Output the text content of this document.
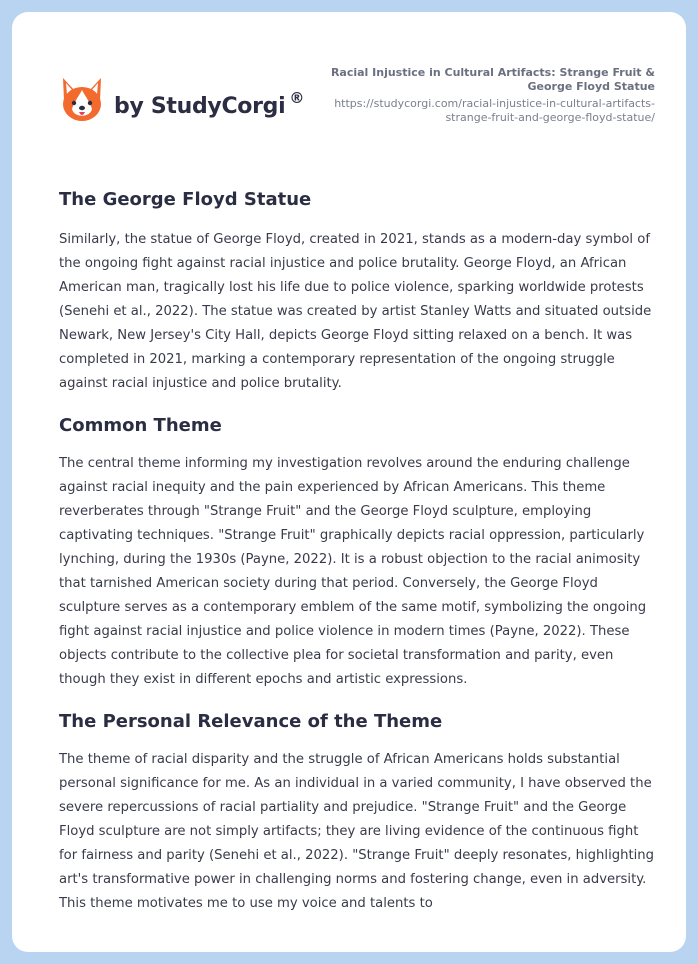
by StudyCorgi ®
Racial Injustice in Cultural Artifacts: Strange Fruit & George Floyd Statue
https://studycorgi.com/racial-injustice-in-cultural-artifacts-strange-fruit-and-george-floyd-statue/
The George Floyd Statue

Similarly, the statue of George Floyd, created in 2021, stands as a modern-day symbol of the ongoing fight against racial injustice and police brutality. George Floyd, an African American man, tragically lost his life due to police violence, sparking worldwide protests (Senehi et al., 2022). The statue was created by artist Stanley Watts and situated outside Newark, New Jersey's City Hall, depicts George Floyd sitting relaxed on a bench. It was completed in 2021, marking a contemporary representation of the ongoing struggle against racial injustice and police brutality.

Common Theme

The central theme informing my investigation revolves around the enduring challenge against racial inequity and the pain experienced by African Americans. This theme reverberates through "Strange Fruit" and the George Floyd sculpture, employing captivating techniques. "Strange Fruit" graphically depicts racial oppression, particularly lynching, during the 1930s (Payne, 2022). It is a robust objection to the racial animosity that tarnished American society during that period. Conversely, the George Floyd sculpture serves as a contemporary emblem of the same motif, symbolizing the ongoing fight against racial injustice and police violence in modern times (Payne, 2022). These objects contribute to the collective plea for societal transformation and parity, even though they exist in different epochs and artistic expressions.

The Personal Relevance of the Theme

The theme of racial disparity and the struggle of African Americans holds substantial personal significance for me. As an individual in a varied community, I have observed the severe repercussions of racial partiality and prejudice. "Strange Fruit" and the George Floyd sculpture are not simply artifacts; they are living evidence of the continuous fight for fairness and parity (Senehi et al., 2022). "Strange Fruit" deeply resonates, highlighting art's transformative power in challenging norms and fostering change, even in adversity. This theme motivates me to use my voice and talents to
